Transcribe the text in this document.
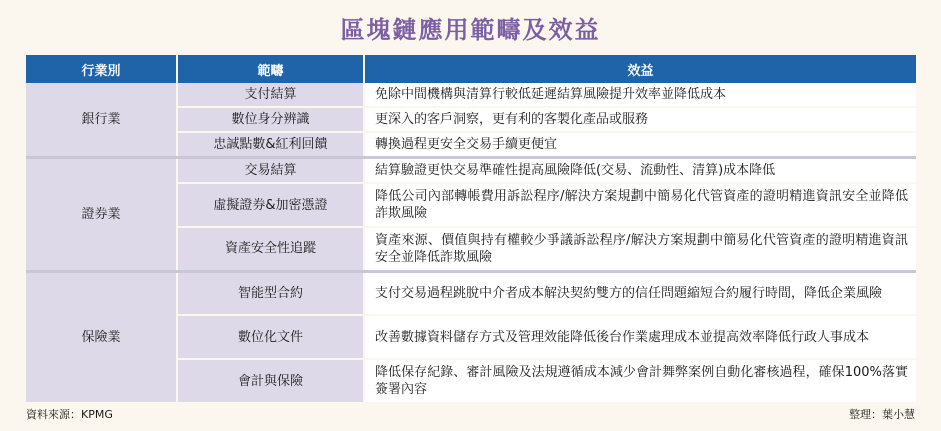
區塊鏈應用範疇及效益
行業別	範疇	效益
銀行業	支付結算	免除中間機構與清算行較低延遲結算風險提升效率並降低成本
	數位身分辨識	更深入的客戶洞察，更有利的客製化產品或服務
	忠誠點數&紅利回饋	轉換過程更安全交易手續更便宜
證券業	交易結算	結算驗證更快交易準確性提高風險降低(交易、流動性、清算)成本降低
	虛擬證券&加密憑證	降低公司內部轉帳費用訴訟程序/解決方案規劃中簡易化代管資產的證明精進資訊安全並降低詐欺風險
	資產安全性追蹤	資產來源、價值與持有權較少爭議訴訟程序/解決方案規劃中簡易化代管資產的證明精進資訊安全並降低詐欺風險
保險業	智能型合約	支付交易過程跳脫中介者成本解決契約雙方的信任問題縮短合約履行時間，降低企業風險
	數位化文件	改善數據資料儲存方式及管理效能降低後台作業處理成本並提高效率降低行政人事成本
	會計與保險	降低保存紀錄、審計風險及法規遵循成本減少會計舞弊案例自動化審核過程，確保100%落實簽署內容
資料來源：KPMG	整理：葉小慧
